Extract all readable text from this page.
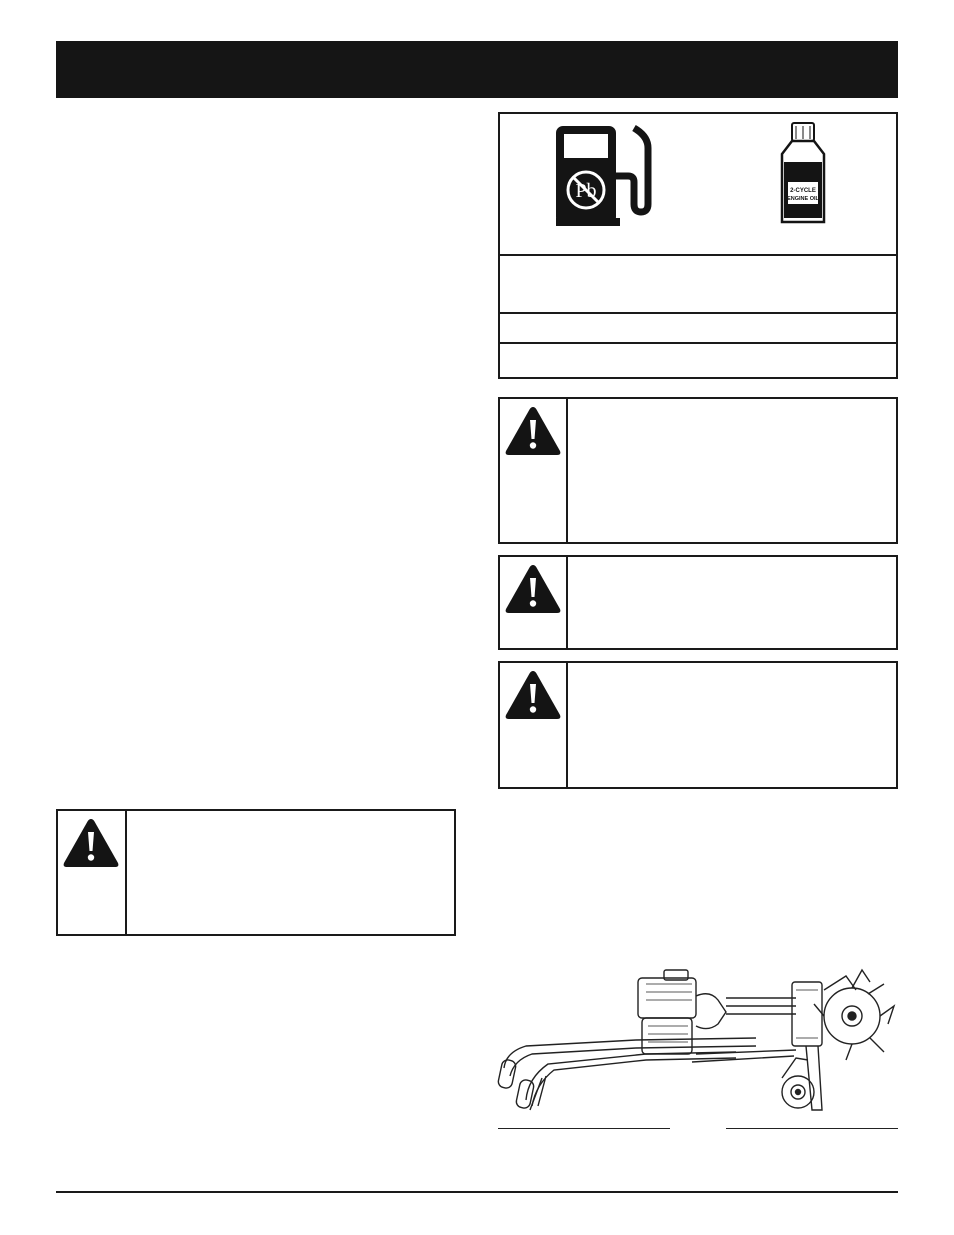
Pb	2-CYCLE
ENGINE OIL
